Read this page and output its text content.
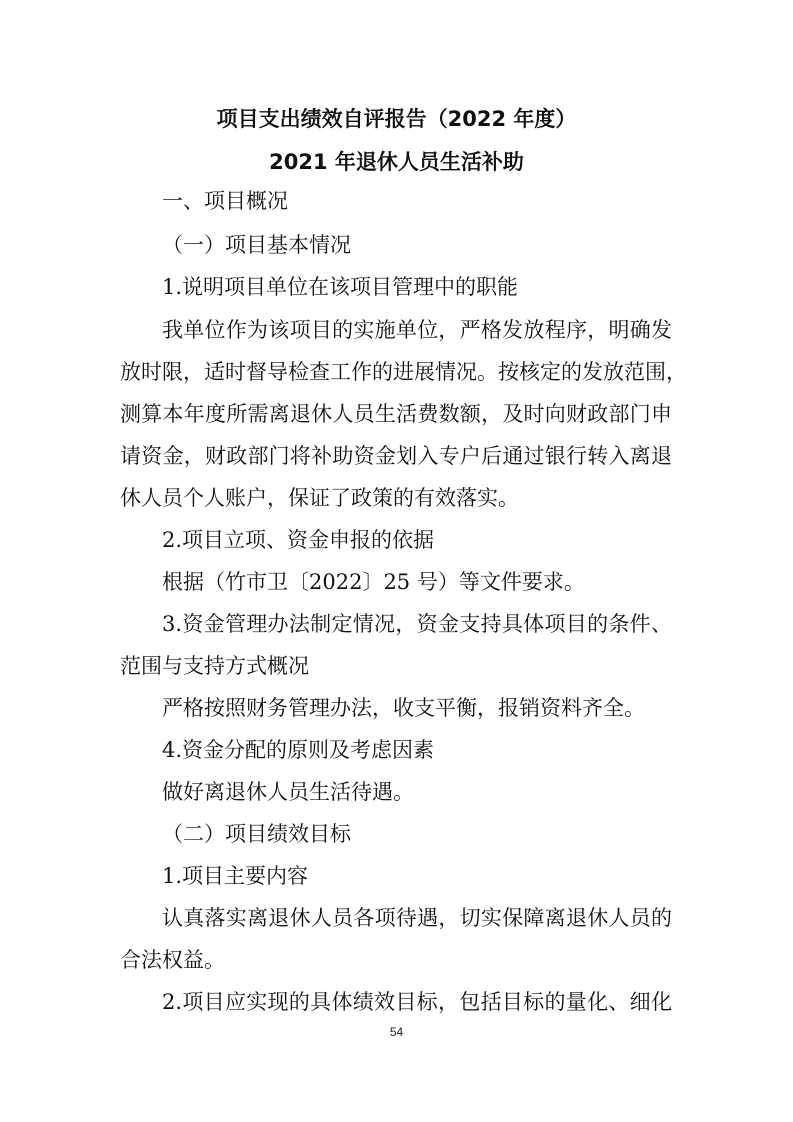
项目支出绩效自评报告（2022 年度）
2021 年退休人员生活补助
一、项目概况
（一）项目基本情况
1.说明项目单位在该项目管理中的职能
我单位作为该项目的实施单位，严格发放程序，明确发
放时限，适时督导检查工作的进展情况。按核定的发放范围，
测算本年度所需离退休人员生活费数额，及时向财政部门申
请资金，财政部门将补助资金划入专户后通过银行转入离退
休人员个人账户，保证了政策的有效落实。
2.项目立项、资金申报的依据
根据（竹市卫〔2022〕25 号）等文件要求。
3.资金管理办法制定情况，资金支持具体项目的条件、
范围与支持方式概况
严格按照财务管理办法，收支平衡，报销资料齐全。
4.资金分配的原则及考虑因素
做好离退休人员生活待遇。
（二）项目绩效目标
1.项目主要内容
认真落实离退休人员各项待遇，切实保障离退休人员的
合法权益。
2.项目应实现的具体绩效目标，包括目标的量化、细化
54
